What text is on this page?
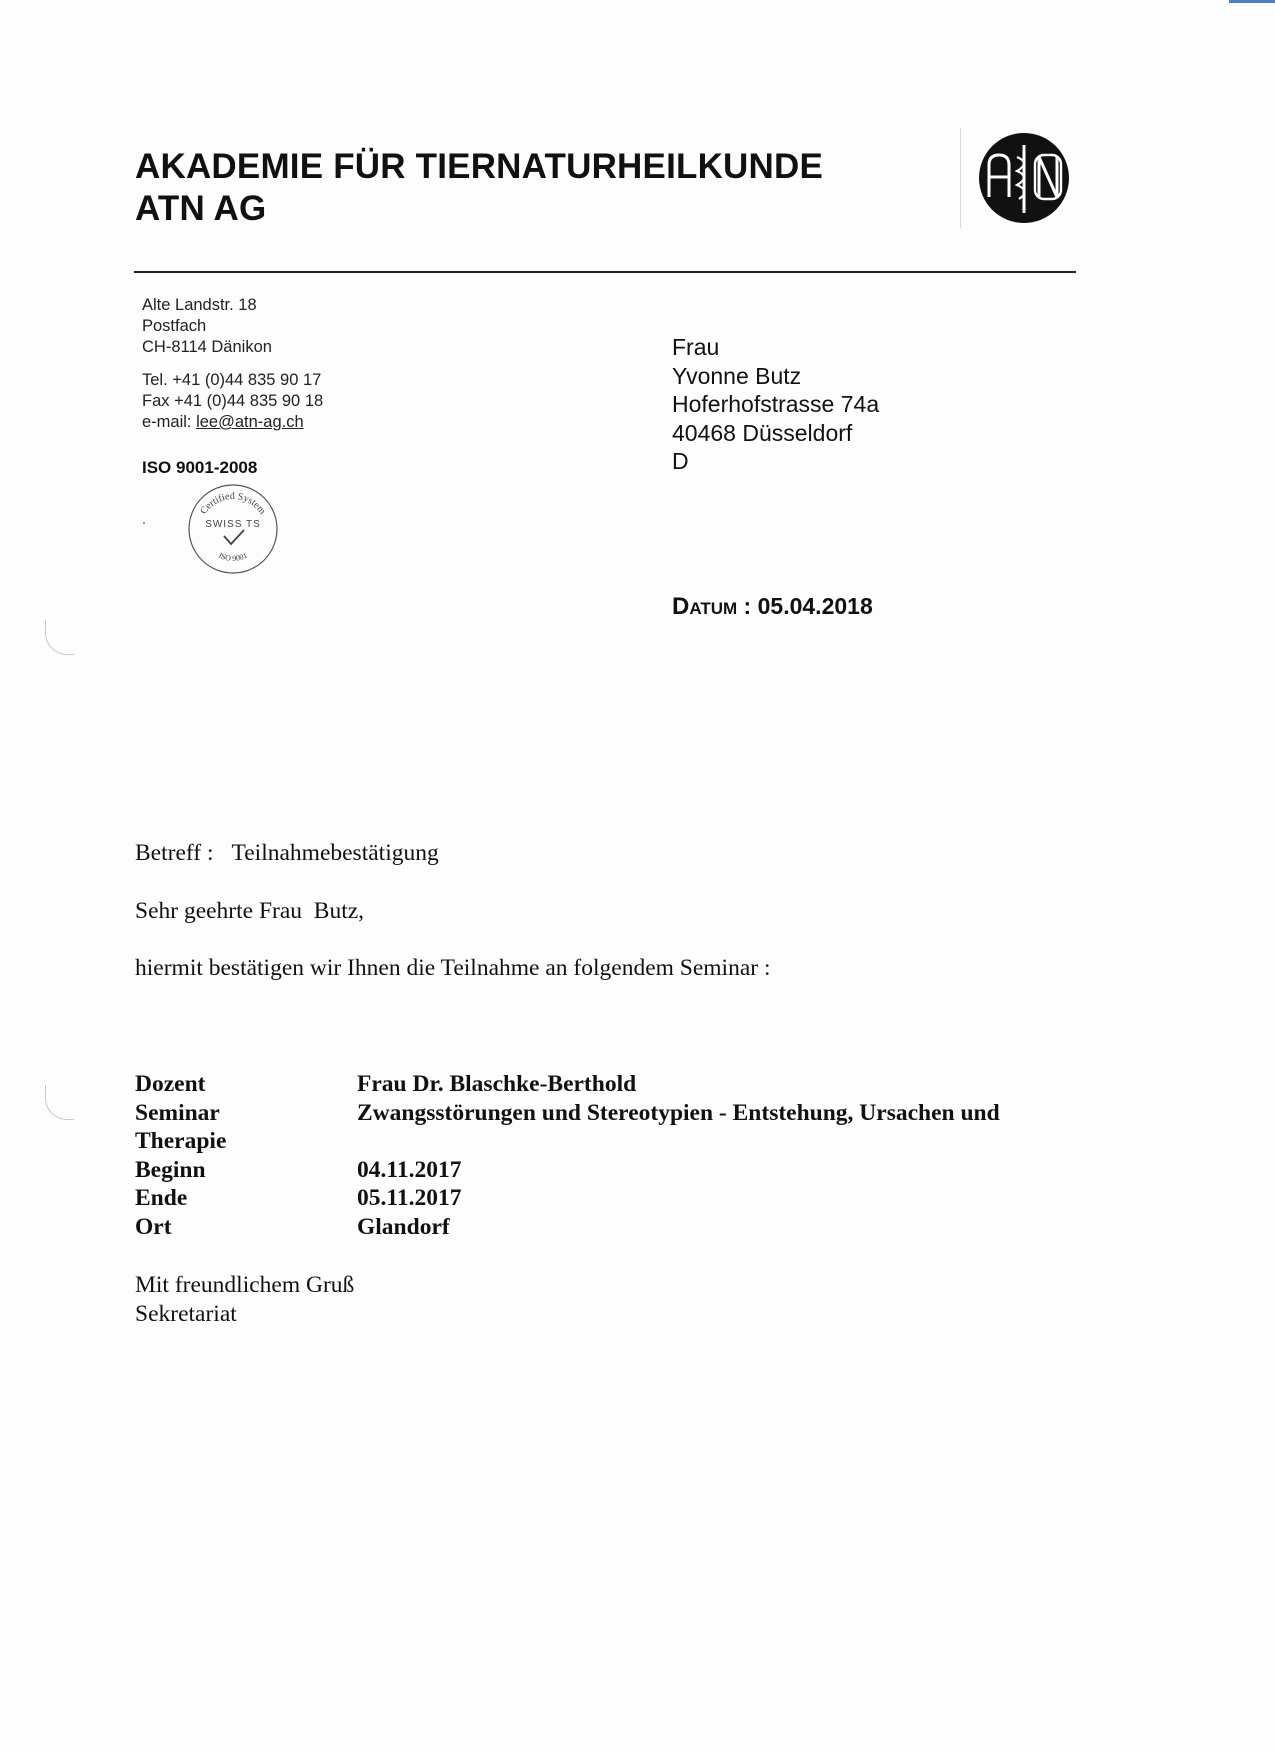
AKADEMIE FÜR TIERNATURHEILKUNDE
ATN AG
Alte Landstr. 18
Postfach
CH-8114 Dänikon
Tel. +41 (0)44 835 90 17
Fax +41 (0)44 835 90 18
e-mail: lee@atn-ag.ch
ISO 9001-2008
Certified System
SWISS TS
ISO 9001
Frau
Yvonne Butz
Hoferhofstrasse 74a
40468 Düsseldorf
D
Datum : 05.04.2018
Betreff : Teilnahmebestätigung
Sehr geehrte Frau  Butz,
hiermit bestätigen wir Ihnen die Teilnahme an folgendem Seminar :
Dozent	Frau Dr. Blaschke-Berthold
Seminar	Zwangsstörungen und Stereotypien - Entstehung, Ursachen und
Therapie
Beginn	04.11.2017
Ende	05.11.2017
Ort	Glandorf
Mit freundlichem Gruß
Sekretariat
